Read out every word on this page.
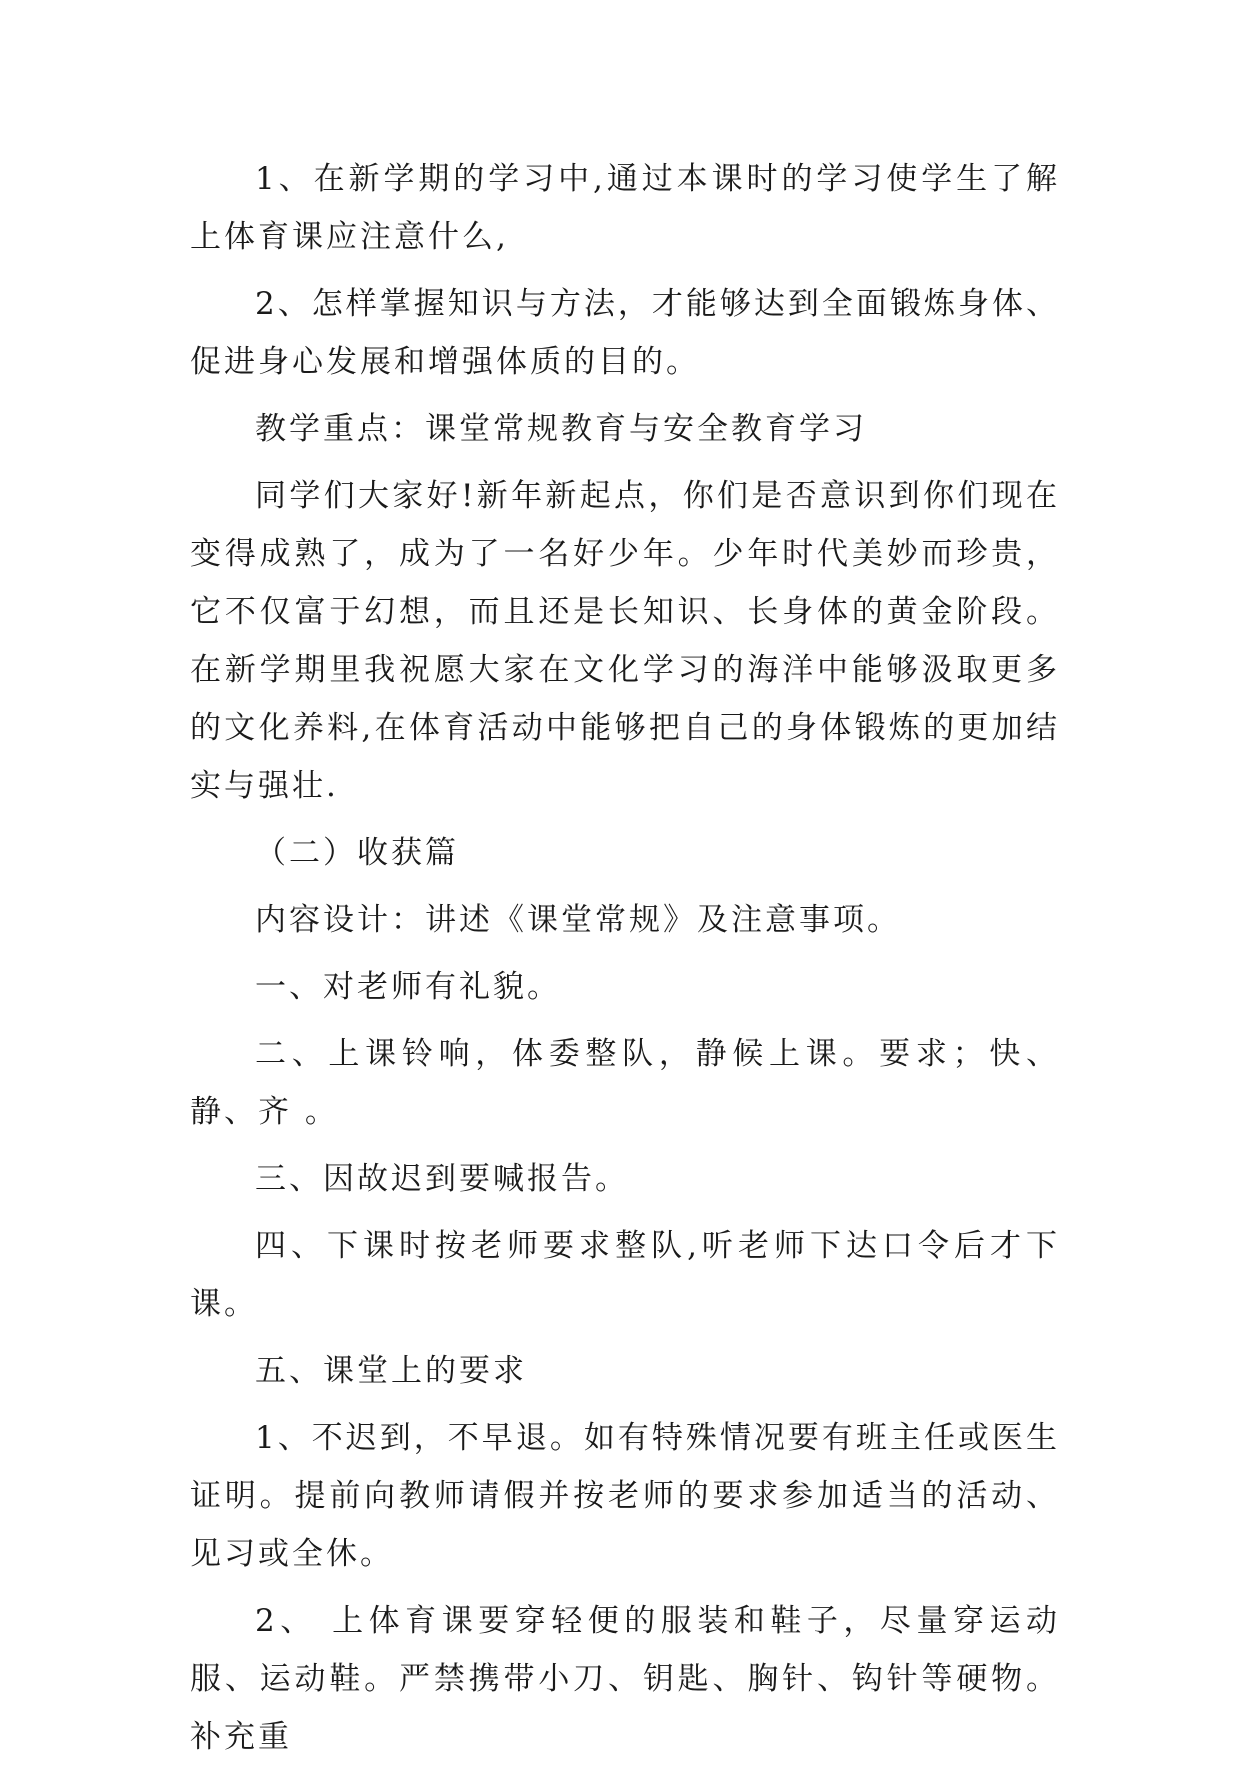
1、在新学期的学习中,通过本课时的学习使学生了解上体育课应注意什么,

2、怎样掌握知识与方法，才能够达到全面锻炼身体、促进身心发展和增强体质的目的。

教学重点：课堂常规教育与安全教育学习

同学们大家好!新年新起点，你们是否意识到你们现在变得成熟了，成为了一名好少年。少年时代美妙而珍贵，它不仅富于幻想，而且还是长知识、长身体的黄金阶段。在新学期里我祝愿大家在文化学习的海洋中能够汲取更多的文化养料,在体育活动中能够把自己的身体锻炼的更加结实与强壮.

（二）收获篇

内容设计：讲述《课堂常规》及注意事项。

一、对老师有礼貌。

二、上课铃响，体委整队，静候上课。要求；快、静、齐 。

三、因故迟到要喊报告。

四、下课时按老师要求整队,听老师下达口令后才下课。

五、课堂上的要求

1、不迟到，不早退。如有特殊情况要有班主任或医生证明。提前向教师请假并按老师的要求参加适当的活动、见习或全休。

2、 上体育课要穿轻便的服装和鞋子，尽量穿运动服、运动鞋。严禁携带小刀、钥匙、胸针、钩针等硬物。补充重
